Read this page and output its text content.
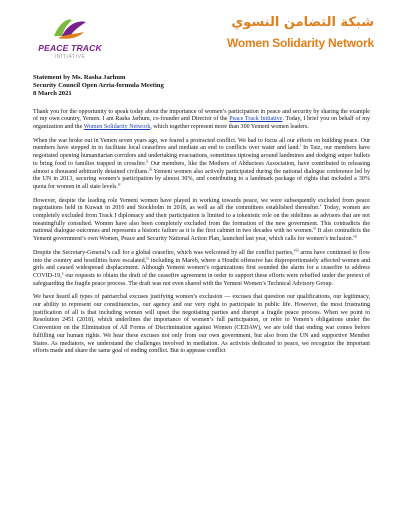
PEACE TRACK
INITIATIVE
شبكة التضامن النسوي
Women Solidarity Network
Statement by Ms. Rasha Jarhum
Security Council Open Arria-formula Meeting
8 March 2021

Thank you for the opportunity to speak today about the importance of women’s participation in peace and security by sharing the example of my own country, Yemen. I am Rasha Jarhum, co-founder and Director of the Peace Track Initiative. Today, I brief you on behalf of my organization and the Women Solidarity Network, which together represent more than 300 Yemeni women leaders.

When the war broke out in Yemen seven years ago, we feared a protracted conflict. We had to focus all our efforts on building peace. Our members have stepped in to facilitate local ceasefires and mediate an end to conflicts over water and land.$^i$ In Taiz, our members have negotiated opening humanitarian corridors and undertaking evacuations, sometimes tiptoeing around landmines and dodging sniper bullets to bring food to families trapped in crossfire.$^{ii}$ Our members, like the Mothers of Abductees Association, have contributed to releasing almost a thousand arbitrarily detained civilians.$^{iii}$ Yemeni women also actively participated during the national dialogue conference led by the UN in 2013, securing women’s participation by almost 30%, and contributing to a landmark package of rights that included a 30% quota for women in all state levels.$^{iv}$

However, despite the leading role Yemeni women have played in working towards peace, we were subsequently excluded from peace negotiations held in Kuwait in 2016 and Stockholm in 2018, as well as all the committees established thereafter.$^v$ Today, women are completely excluded from Track I diplomacy and their participation is limited to a tokenistic role on the sidelines as advisors that are not meaningfully consulted. Women have also been completely excluded from the formation of the new government. This contradicts the national dialogue outcomes and represents a historic failure as it is the first cabinet in two decades with no women.$^{vi}$ It also contradicts the Yemeni government’s own Women, Peace and Security National Action Plan, launched last year, which calls for women’s inclusion.$^{vii}$

Despite the Secretary-General’s call for a global ceasefire, which was welcomed by all the conflict parties,$^{viii}$ arms have continued to flow into the country and hostilities have escalated,$^{ix}$ including in Mareb, where a Houthi offensive has disproportionately affected women and girls and caused widespread displacement. Although Yemeni women’s organizations first sounded the alarm for a ceasefire to address COVID-19,$^x$ our requests to obtain the draft of the ceasefire agreement in order to support these efforts were rebuffed under the pretext of safeguarding the fragile peace process. The draft was not even shared with the Yemeni Women’s Technical Advisory Group.

We have heard all types of patriarchal excuses justifying women’s exclusion — excuses that question our qualifications, our legitimacy, our ability to represent our constituencies, our agency and our very right to participate in public life. However, the most frustrating justification of all is that including women will upset the negotiating parties and disrupt a fragile peace process. When we point to Resolution 2451 (2018), which underlines the importance of women’s full participation, or refer to Yemen’s obligations under the Convention on the Elimination of All Forms of Discrimination against Women (CEDAW), we are told that ending war comes before fulfilling our human rights. We hear these excuses not only from our own government, but also from the UN and supportive Member States. As mediators, we understand the challenges involved in mediation. As activists dedicated to peace, we recognize the important efforts made and share the same goal of ending conflict. But to appease conflict
